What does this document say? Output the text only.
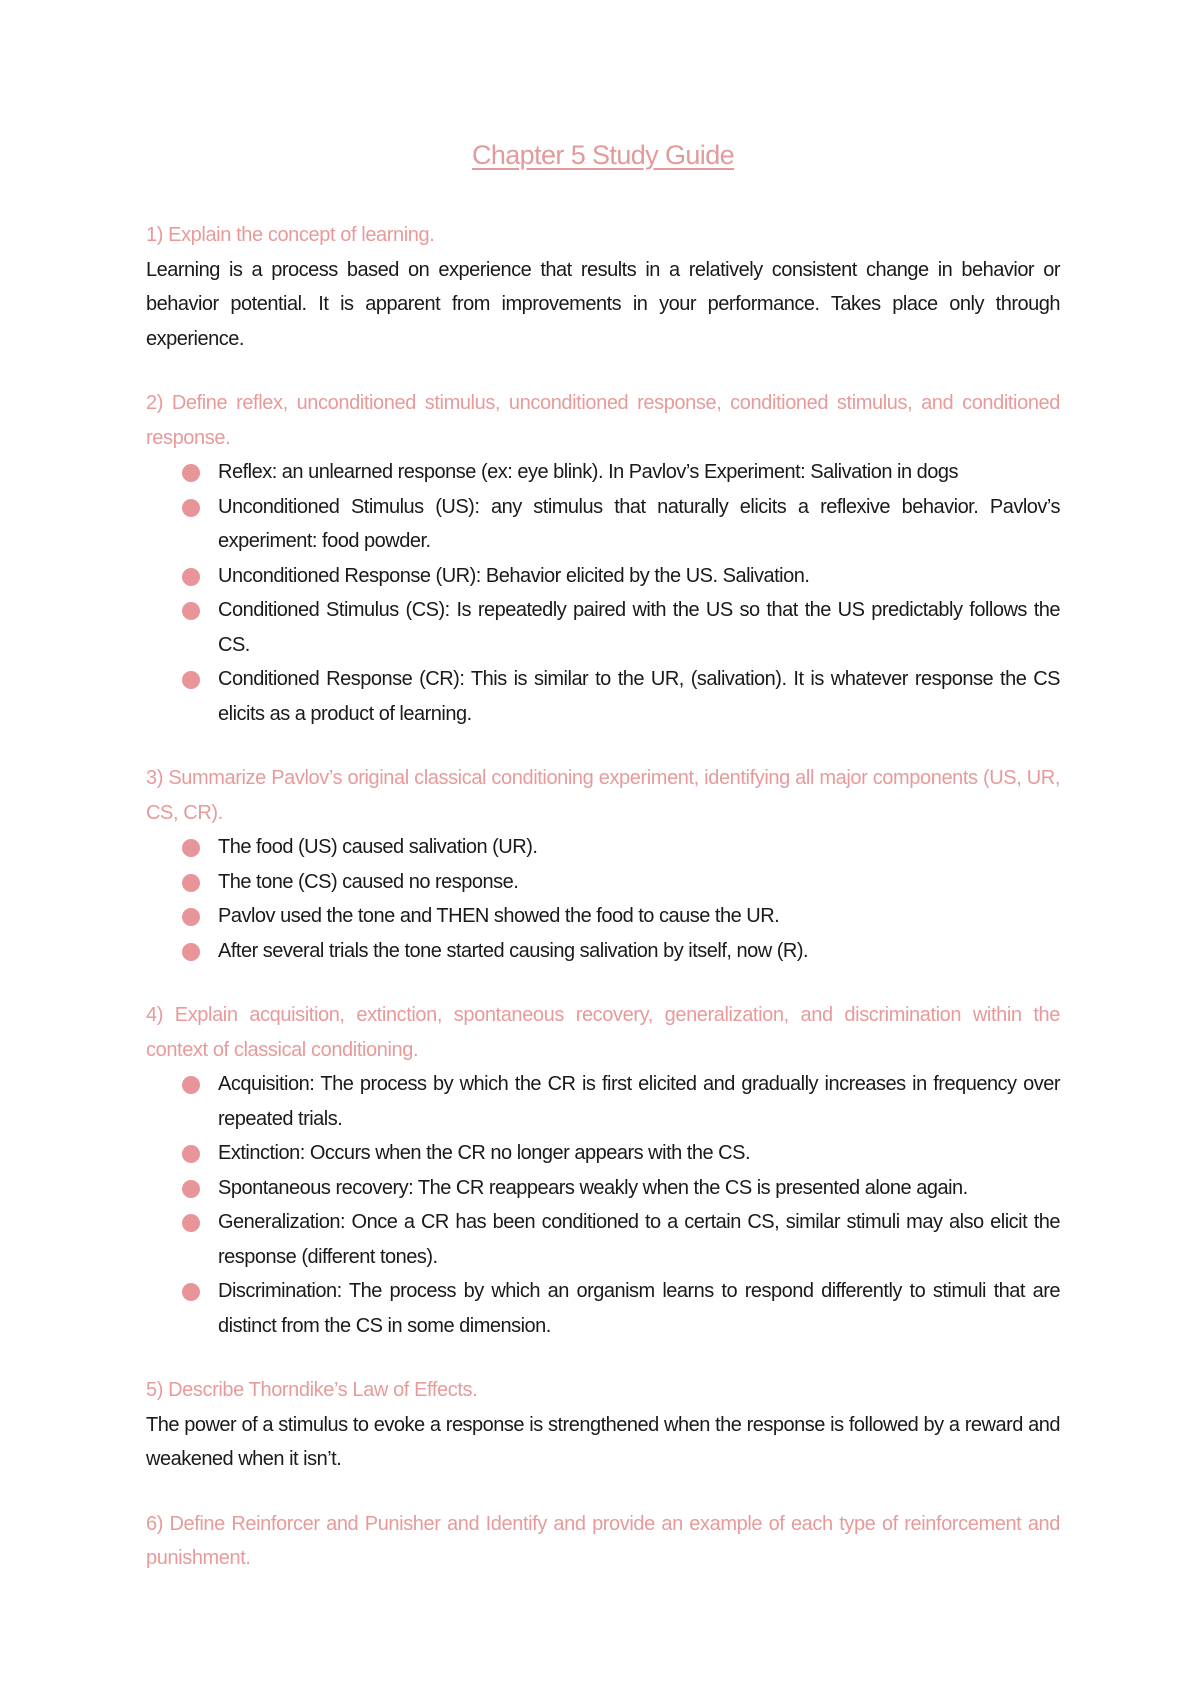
Chapter 5 Study Guide

1) Explain the concept of learning.

Learning is a process based on experience that results in a relatively consistent change in behavior or behavior potential. It is apparent from improvements in your performance. Takes place only through experience.

2) Define reflex, unconditioned stimulus, unconditioned response, conditioned stimulus, and conditioned response.

Reflex: an unlearned response (ex: eye blink). In Pavlov’s Experiment: Salivation in dogs
Unconditioned Stimulus (US): any stimulus that naturally elicits a reflexive behavior. Pavlov’s experiment: food powder.
Unconditioned Response (UR): Behavior elicited by the US. Salivation.
Conditioned Stimulus (CS): Is repeatedly paired with the US so that the US predictably follows the CS.
Conditioned Response (CR): This is similar to the UR, (salivation). It is whatever response the CS elicits as a product of learning.

3) Summarize Pavlov’s original classical conditioning experiment, identifying all major components (US, UR, CS, CR).

The food (US) caused salivation (UR).
The tone (CS) caused no response.
Pavlov used the tone and THEN showed the food to cause the UR.
After several trials the tone started causing salivation by itself, now (R).

4) Explain acquisition, extinction, spontaneous recovery, generalization, and discrimination within the context of classical conditioning.

Acquisition: The process by which the CR is first elicited and gradually increases in frequency over repeated trials.
Extinction: Occurs when the CR no longer appears with the CS.
Spontaneous recovery: The CR reappears weakly when the CS is presented alone again.
Generalization: Once a CR has been conditioned to a certain CS, similar stimuli may also elicit the response (different tones).
Discrimination: The process by which an organism learns to respond differently to stimuli that are distinct from the CS in some dimension.

5) Describe Thorndike’s Law of Effects.

The power of a stimulus to evoke a response is strengthened when the response is followed by a reward and weakened when it isn’t.

6) Define Reinforcer and Punisher and Identify and provide an example of each type of reinforcement and punishment.
